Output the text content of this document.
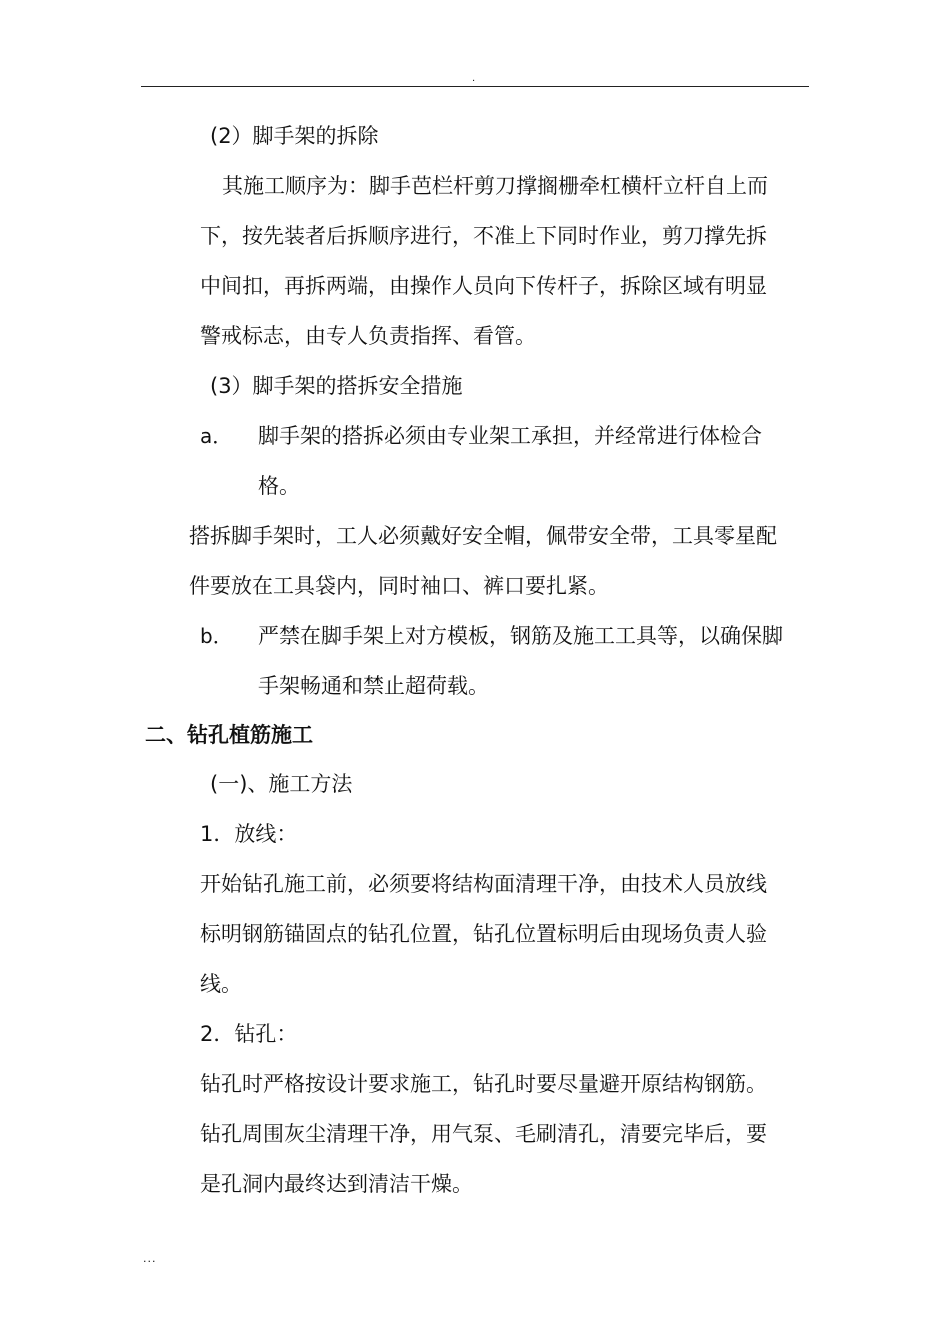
.
(2）脚手架的拆除
其施工顺序为：脚手芭栏杆剪刀撑搁栅牵杠横杆立杆自上而
下，按先装者后拆顺序进行，不准上下同时作业，剪刀撑先拆
中间扣，再拆两端，由操作人员向下传杆子，拆除区域有明显
警戒标志，由专人负责指挥、看管。
(3）脚手架的搭拆安全措施
a． 脚手架的搭拆必须由专业架工承担，并经常进行体检合
格。
搭拆脚手架时，工人必须戴好安全帽，佩带安全带，工具零星配
件要放在工具袋内，同时袖口、裤口要扎紧。
b． 严禁在脚手架上对方模板，钢筋及施工工具等，以确保脚
手架畅通和禁止超荷载。
二、钻孔植筋施工
(一)、施工方法
1．放线：
开始钻孔施工前，必须要将结构面清理干净，由技术人员放线
标明钢筋锚固点的钻孔位置，钻孔位置标明后由现场负责人验
线。
2．钻孔：
钻孔时严格按设计要求施工，钻孔时要尽量避开原结构钢筋。
钻孔周围灰尘清理干净，用气泵、毛刷清孔，清要完毕后，要
是孔洞内最终达到清洁干燥。
...
